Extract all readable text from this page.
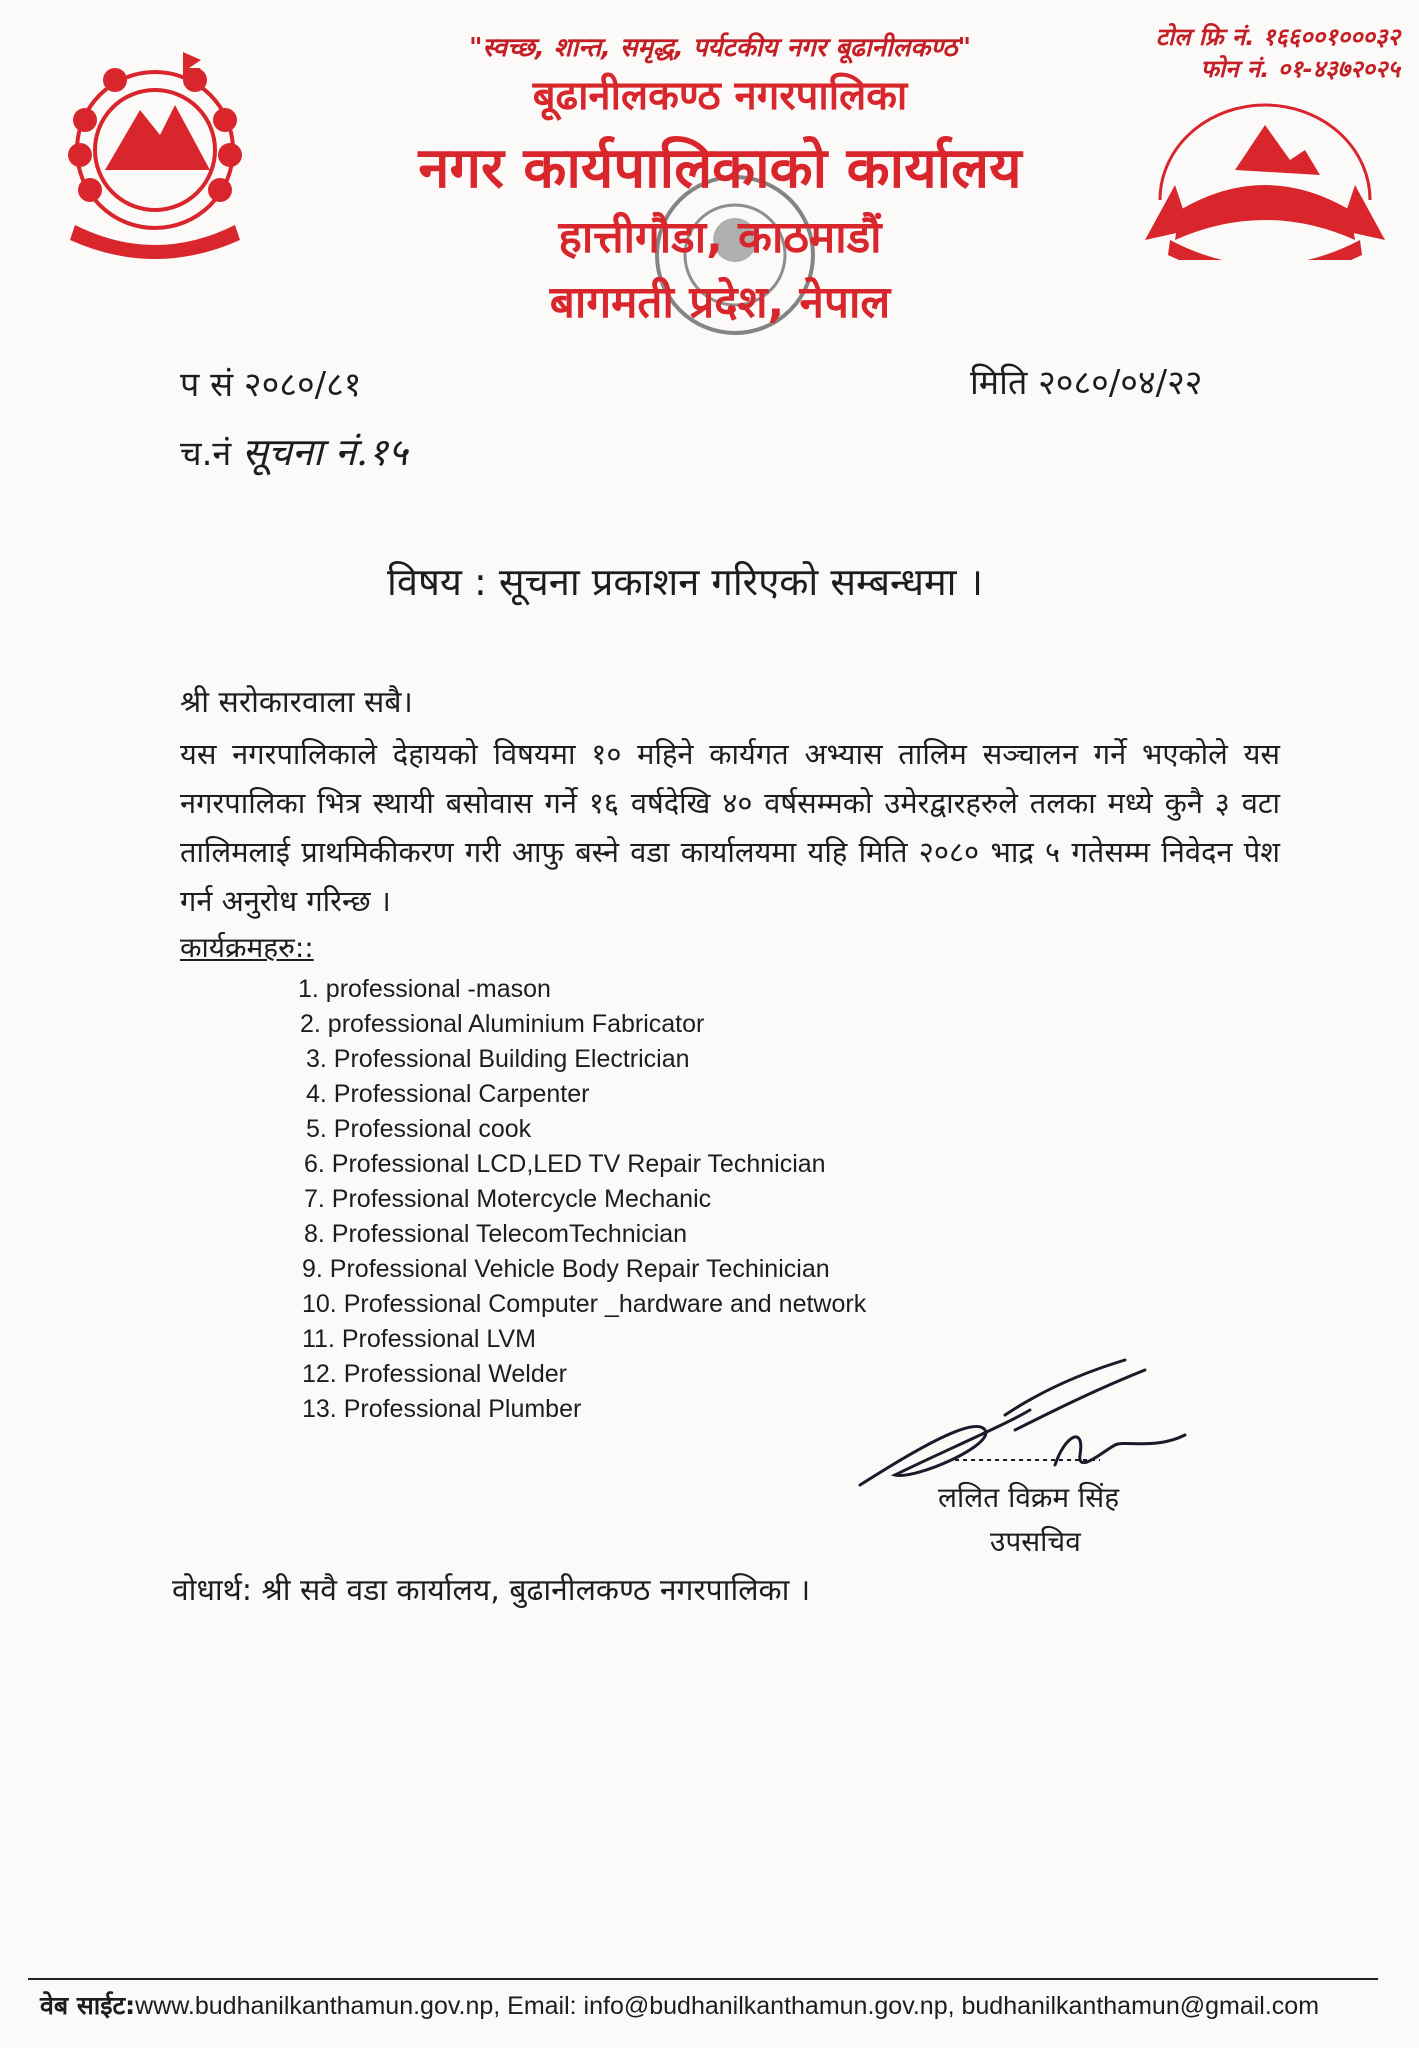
"स्वच्छ, शान्त, समृद्ध, पर्यटकीय नगर बूढानीलकण्ठ"
बूढानीलकण्ठ नगरपालिका
नगर कार्यपालिकाको कार्यालय
हात्तीगौडा, काठमाडौं
बागमती प्रदेश, नेपाल
टोल फ्रि नं. १६६००१०००३२
फोन नं. ०१-४३७२०२५
प सं २०८०/८१
च.नं सूचना नं.१५
मिति २०८०/०४/२२
विषय : सूचना प्रकाशन गरिएको सम्बन्धमा ।
श्री सरोकारवाला सबै।
यस नगरपालिकाले देहायको विषयमा १० महिने कार्यगत अभ्यास तालिम सञ्चालन गर्ने भएकोले यस नगरपालिका भित्र स्थायी बसोवास गर्ने १६ वर्षदेखि ४० वर्षसम्मको उमेरद्वारहरुले तलका मध्ये कुनै ३ वटा तालिमलाई प्राथमिकीकरण गरी आफु बस्ने वडा कार्यालयमा यहि मिति २०८० भाद्र ५ गतेसम्म निवेदन पेश गर्न अनुरोध गरिन्छ ।
कार्यक्रमहरु::
1. professional -mason
2. professional Aluminium Fabricator
3. Professional Building Electrician
4. Professional Carpenter
5. Professional cook
6. Professional LCD,LED TV Repair Technician
7. Professional Motercycle Mechanic
8. Professional TelecomTechnician
9. Professional Vehicle Body Repair Techinician
10. Professional Computer _hardware and network
11. Professional LVM
12. Professional Welder
13. Professional Plumber
ललित विक्रम सिंह
उपसचिव
वोधार्थ: श्री सवै वडा कार्यालय, बुढानीलकण्ठ नगरपालिका ।
वेब साईट:www.budhanilkanthamun.gov.np, Email: info@budhanilkanthamun.gov.np, budhanilkanthamun@gmail.com
